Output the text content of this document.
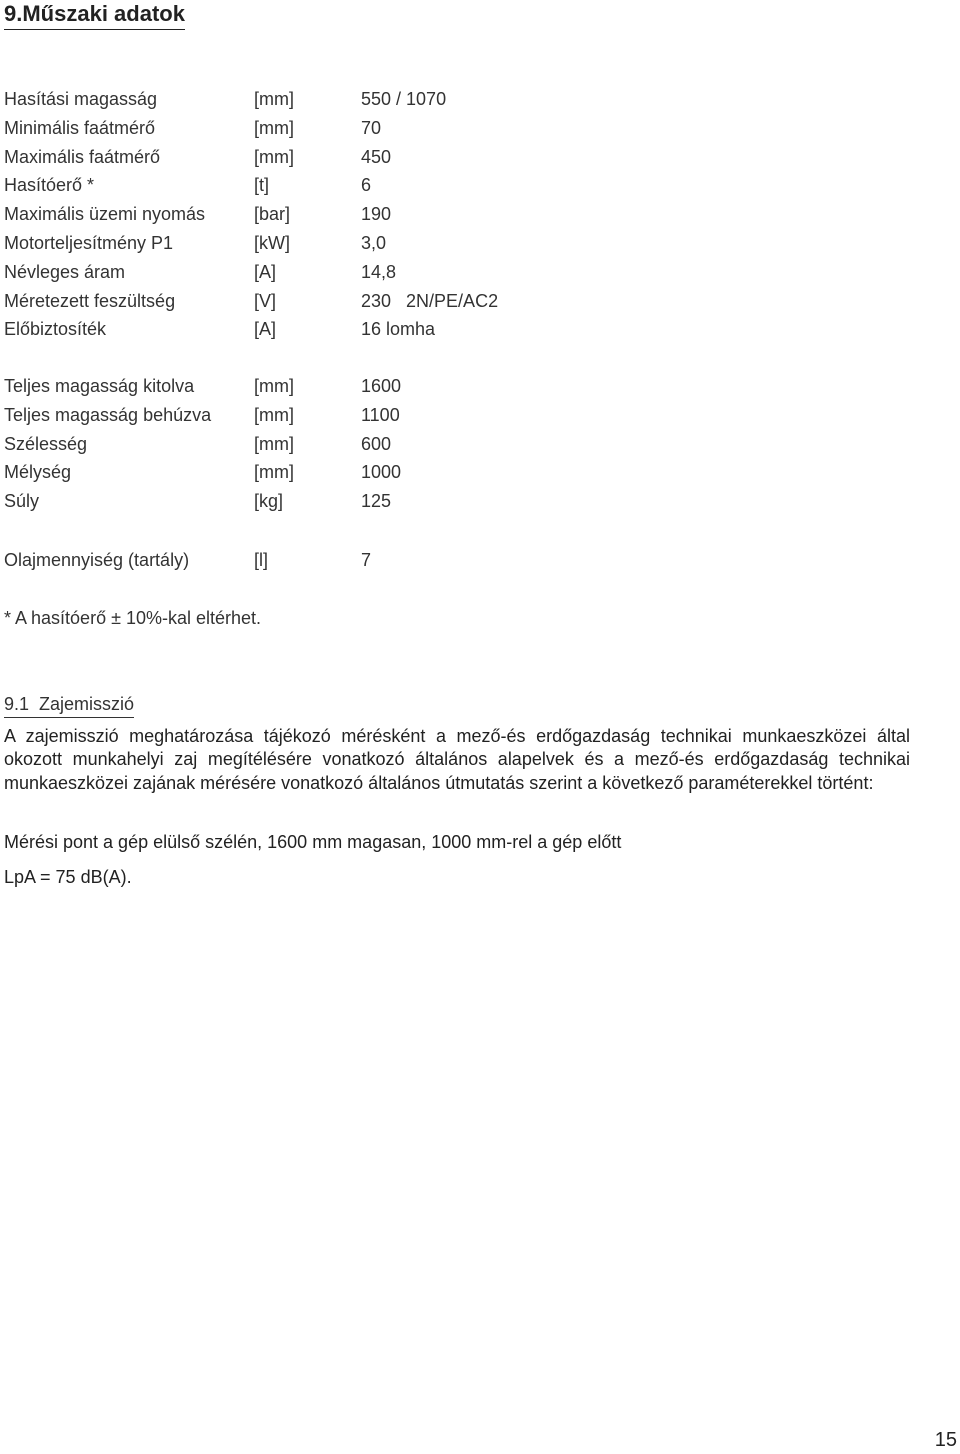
9.Műszaki adatok
Hasítási magasság	[mm]	550 / 1070
Minimális faátmérő	[mm]	70
Maximális faátmérő	[mm]	450
Hasítóerő *	[t]	6
Maximális üzemi nyomás	[bar]	190
Motorteljesítmény P1	[kW]	3,0
Névleges áram	[A]	14,8
Méretezett feszültség	[V]	230   2N/PE/AC2
Előbiztosíték	[A]	16 lomha
Teljes magasság kitolva	[mm]	1600
Teljes magasság behúzva [mm]	1100
Szélesség	[mm]	600
Mélység	[mm]	1000
Súly	[kg]	125
Olajmennyiség (tartály)	[l]	7
* A hasítóerő ± 10%-kal eltérhet.
9.1  Zajemisszió
A zajemisszió meghatározása tájékozó mérésként a mező-és erdőgazdaság technikai munkaeszközei által okozott munkahelyi zaj megítélésére vonatkozó általános alapelvek és a mező-és erdőgazdaság technikai munkaeszközei zajának mérésére vonatkozó általános útmutatás szerint a következő paraméterekkel történt:
Mérési pont a gép elülső szélén, 1600 mm magasan, 1000 mm-rel a gép előtt
LpA = 75 dB(A).
15
